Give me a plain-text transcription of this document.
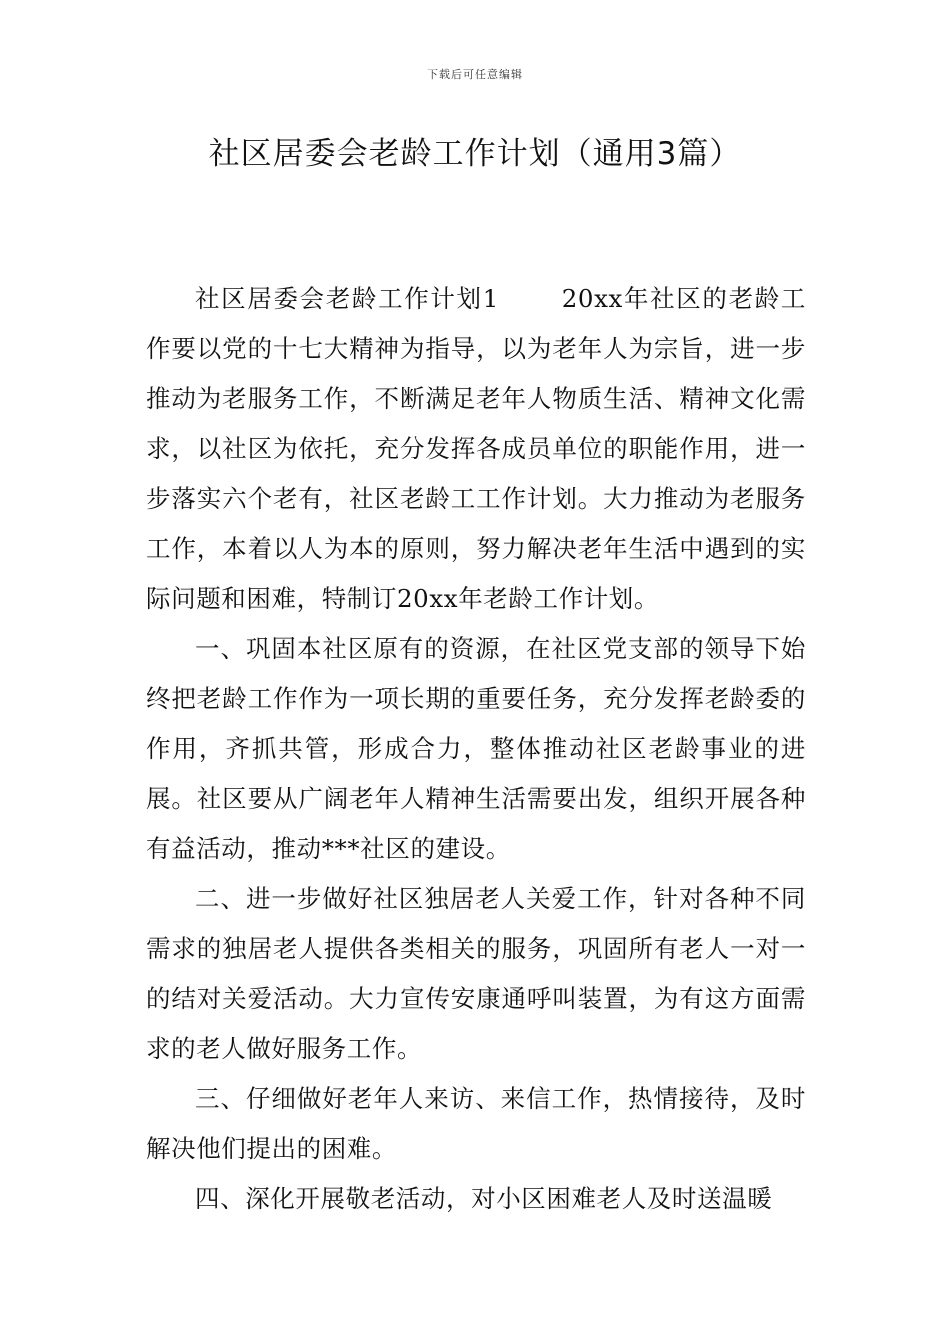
下载后可任意编辑
社区居委会老龄工作计划（通用3篇）

社区居委会老龄工作计划1　　 20xx年社区的老龄工作要以党的十七大精神为指导，以为老年人为宗旨，进一步推动为老服务工作，不断满足老年人物质生活、精神文化需求，以社区为依托，充分发挥各成员单位的职能作用，进一步落实六个老有，社区老龄工工作计划。大力推动为老服务工作，本着以人为本的原则，努力解决老年生活中遇到的实际问题和困难，特制订20xx年老龄工作计划。

一、巩固本社区原有的资源，在社区党支部的领导下始终把老龄工作作为一项长期的重要任务，充分发挥老龄委的作用，齐抓共管，形成合力，整体推动社区老龄事业的进展。社区要从广阔老年人精神生活需要出发，组织开展各种有益活动，推动***社区的建设。

二、进一步做好社区独居老人关爱工作，针对各种不同需求的独居老人提供各类相关的服务，巩固所有老人一对一的结对关爱活动。大力宣传安康通呼叫装置，为有这方面需求的老人做好服务工作。

三、仔细做好老年人来访、来信工作，热情接待，及时解决他们提出的困难。

四、深化开展敬老活动，对小区困难老人及时送温暖
